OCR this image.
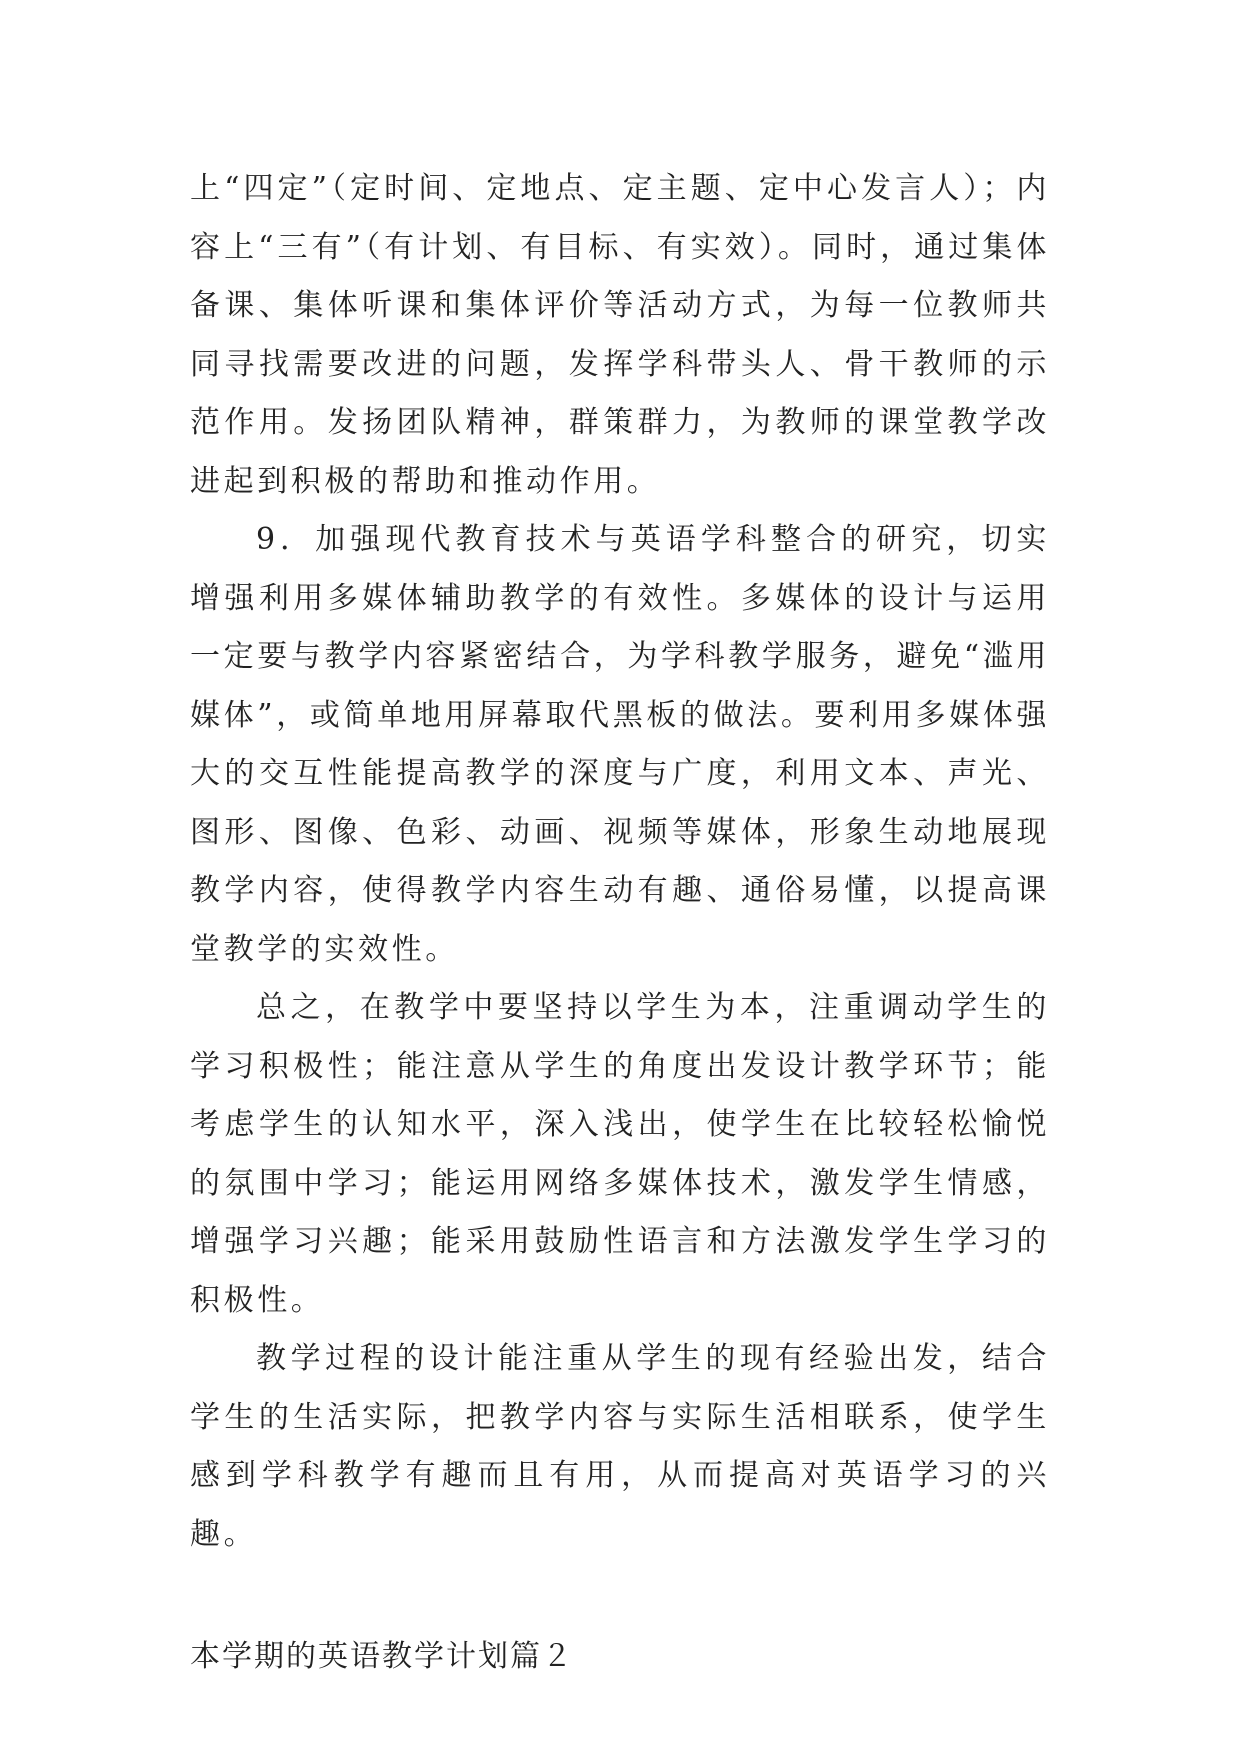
上“四定”（定时间、定地点、定主题、定中心发言人）；内容上“三有”（有计划、有目标、有实效）。同时，通过集体备课、集体听课和集体评价等活动方式，为每一位教师共同寻找需要改进的问题，发挥学科带头人、骨干教师的示范作用。发扬团队精神，群策群力，为教师的课堂教学改进起到积极的帮助和推动作用。

9．加强现代教育技术与英语学科整合的研究，切实增强利用多媒体辅助教学的有效性。多媒体的设计与运用一定要与教学内容紧密结合，为学科教学服务，避免“滥用媒体”，或简单地用屏幕取代黑板的做法。要利用多媒体强大的交互性能提高教学的深度与广度，利用文本、声光、图形、图像、色彩、动画、视频等媒体，形象生动地展现教学内容，使得教学内容生动有趣、通俗易懂，以提高课堂教学的实效性。

总之，在教学中要坚持以学生为本，注重调动学生的学习积极性；能注意从学生的角度出发设计教学环节；能考虑学生的认知水平，深入浅出，使学生在比较轻松愉悦的氛围中学习；能运用网络多媒体技术，激发学生情感，增强学习兴趣；能采用鼓励性语言和方法激发学生学习的积极性。

教学过程的设计能注重从学生的现有经验出发，结合学生的生活实际，把教学内容与实际生活相联系，使学生感到学科教学有趣而且有用，从而提高对英语学习的兴趣。

本学期的英语教学计划篇２
